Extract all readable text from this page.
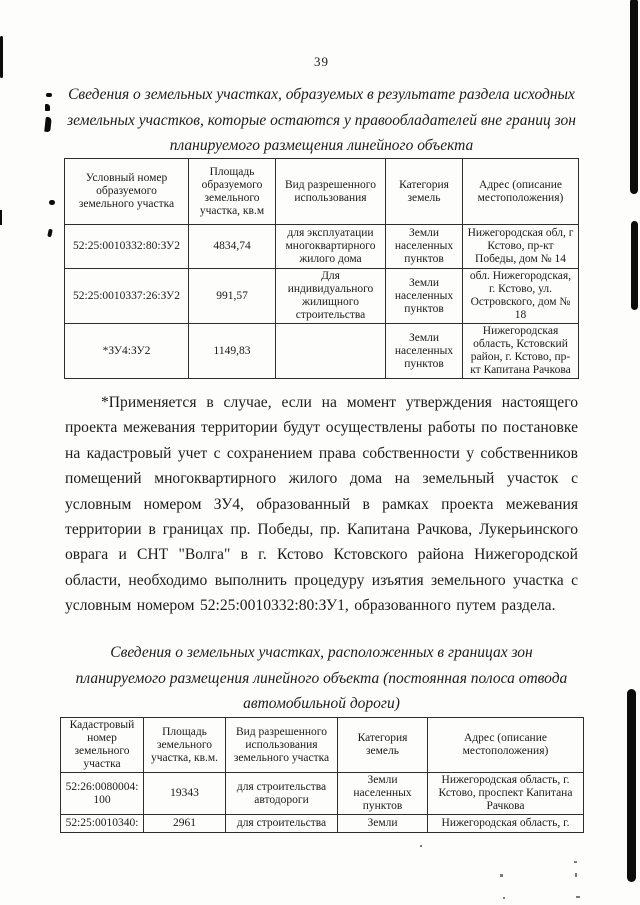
39
Сведения о земельных участках, образуемых в результате раздела исходных
земельных участков, которые остаются у правообладателей вне границ зон
планируемого размещения линейного объекта
Условный номер образуемого земельного участка	Площадь образуемого земельного участка, кв.м	Вид разрешенного использования	Категория земель	Адрес (описание местоположения)
52:25:0010332:80:ЗУ2	4834,74	для эксплуатации многоквартирного жилого дома	Земли населенных пунктов	Нижегородская обл, г Кстово, пр-кт Победы, дом № 14
52:25:0010337:26:ЗУ2	991,57	Для индивидуального жилищного строительства	Земли населенных пунктов	обл. Нижегородская, г. Кстово, ул. Островского, дом № 18
*ЗУ4:ЗУ2	1149,83		Земли населенных пунктов	Нижегородская область, Кстовский район, г. Кстово, пр-кт Капитана Рачкова
*Применяется в случае, если на момент утверждения настоящего проекта межевания территории будут осуществлены работы по постановке на кадастровый учет с сохранением права собственности у собственников помещений многоквартирного жилого дома на земельный участок с условным номером ЗУ4, образованный в рамках проекта межевания территории в границах пр. Победы, пр. Капитана Рачкова, Лукерьинского оврага и СНТ "Волга" в г. Кстово Кстовского района Нижегородской области, необходимо выполнить процедуру изъятия земельного участка с условным номером 52:25:0010332:80:ЗУ1, образованного путем раздела.
Сведения о земельных участках, расположенных в границах зон
планируемого размещения линейного объекта (постоянная полоса отвода
автомобильной дороги)
Кадастровый номер земельного участка	Площадь земельного участка, кв.м.	Вид разрешенного использования земельного участка	Категория земель	Адрес (описание местоположения)
52:26:0080004:100	19343	для строительства автодороги	Земли населенных пунктов	Нижегородская область, г. Кстово, проспект Капитана Рачкова
52:25:0010340:	2961	для строительства	Земли	Нижегородская область, г.
